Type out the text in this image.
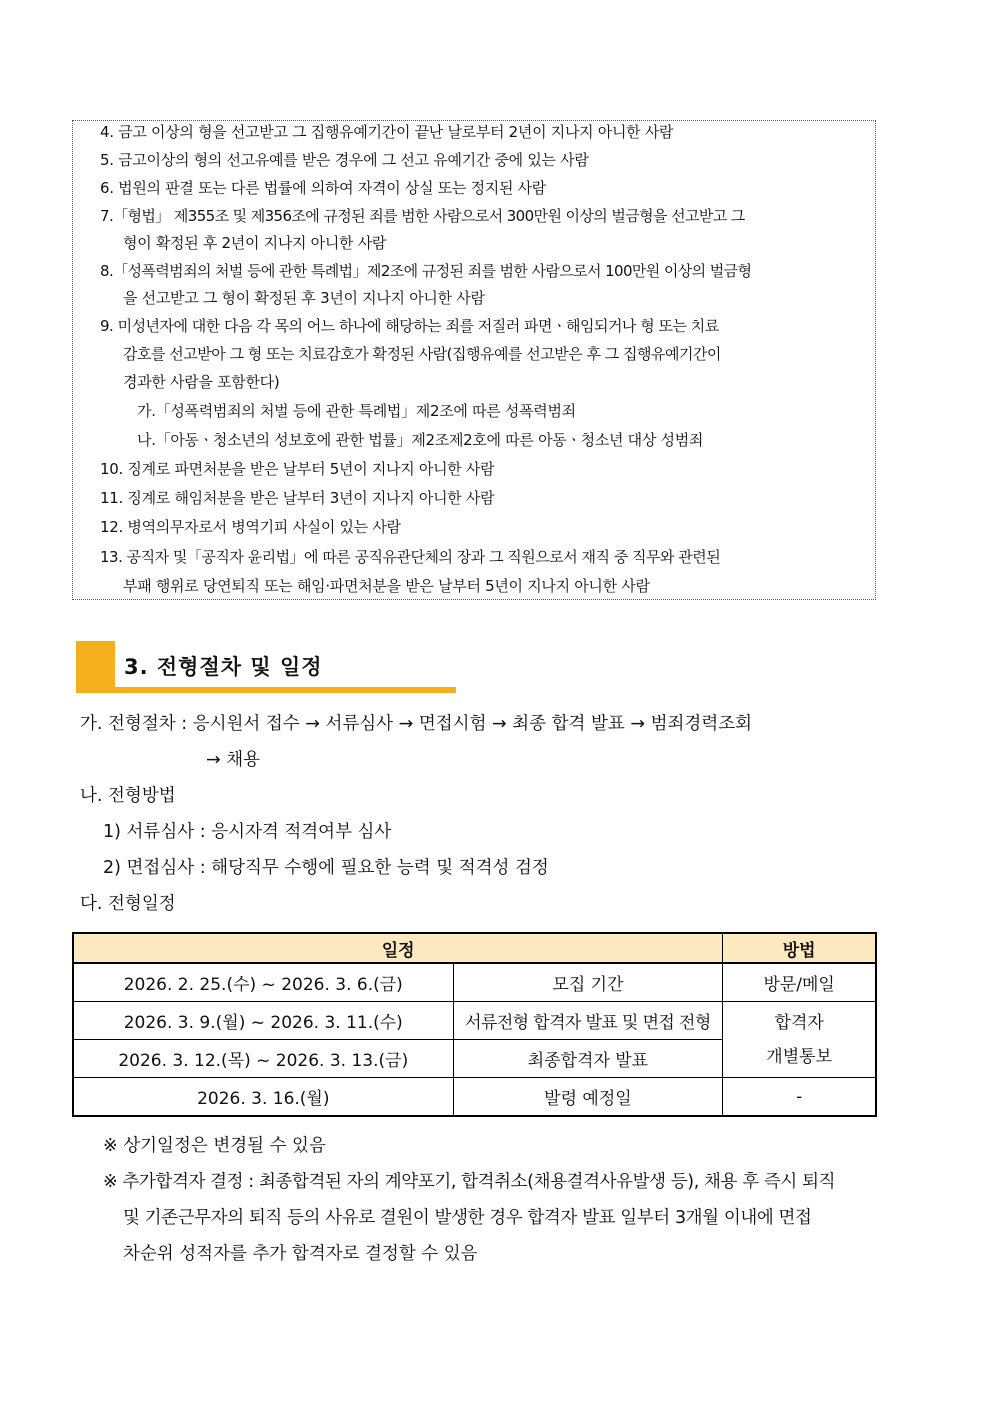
4. 금고 이상의 형을 선고받고 그 집행유예기간이 끝난 날로부터 2년이 지나지 아니한 사람
5. 금고이상의 형의 선고유예를 받은 경우에 그 선고 유예기간 중에 있는 사람
6. 법원의 판결 또는 다른 법률에 의하여 자격이 상실 또는 정지된 사람
7.「형법」 제355조 및 제356조에 규정된 죄를 범한 사람으로서 300만원 이상의 벌금형을 선고받고 그
형이 확정된 후 2년이 지나지 아니한 사람
8.「성폭력범죄의 처벌 등에 관한 특례법」제2조에 규정된 죄를 범한 사람으로서 100만원 이상의 벌금형
을 선고받고 그 형이 확정된 후 3년이 지나지 아니한 사람
9. 미성년자에 대한 다음 각 목의 어느 하나에 해당하는 죄를 저질러 파면ㆍ해임되거나 형 또는 치료
감호를 선고받아 그 형 또는 치료감호가 확정된 사람(집행유예를 선고받은 후 그 집행유예기간이
경과한 사람을 포함한다)
가.「성폭력범죄의 처벌 등에 관한 특례법」제2조에 따른 성폭력범죄
나.「아동ㆍ청소년의 성보호에 관한 법률」제2조제2호에 따른 아동ㆍ청소년 대상 성범죄
10. 징계로 파면처분을 받은 날부터 5년이 지나지 아니한 사람
11. 징계로 해임처분을 받은 날부터 3년이 지나지 아니한 사람
12. 병역의무자로서 병역기피 사실이 있는 사람
13. 공직자 및「공직자 윤리법」에 따른 공직유관단체의 장과 그 직원으로서 재직 중 직무와 관련된
부패 행위로 당연퇴직 또는 해임·파면처분을 받은 날부터 5년이 지나지 아니한 사람
3. 전형절차 및 일정
가. 전형절차 : 응시원서 접수 → 서류심사 → 면접시험 → 최종 합격 발표 → 범죄경력조회
→ 채용
나. 전형방법
1) 서류심사 : 응시자격 적격여부 심사
2) 면접심사 : 해당직무 수행에 필요한 능력 및 적격성 검정
다. 전형일정
일정		방법
2026. 2. 25.(수) ~ 2026. 3. 6.(금)	모집 기간	방문/메일
2026. 3. 9.(월) ~ 2026. 3. 11.(수)	서류전형 합격자 발표 및 면접 전형	합격자
개별통보
2026. 3. 12.(목) ~ 2026. 3. 13.(금)	최종합격자 발표	
2026. 3. 16.(월)	발령 예정일	-
※ 상기일정은 변경될 수 있음
※ 추가합격자 결정 : 최종합격된 자의 계약포기, 합격취소(채용결격사유발생 등), 채용 후 즉시 퇴직
및 기존근무자의 퇴직 등의 사유로 결원이 발생한 경우 합격자 발표 일부터 3개월 이내에 면접
차순위 성적자를 추가 합격자로 결정할 수 있음
